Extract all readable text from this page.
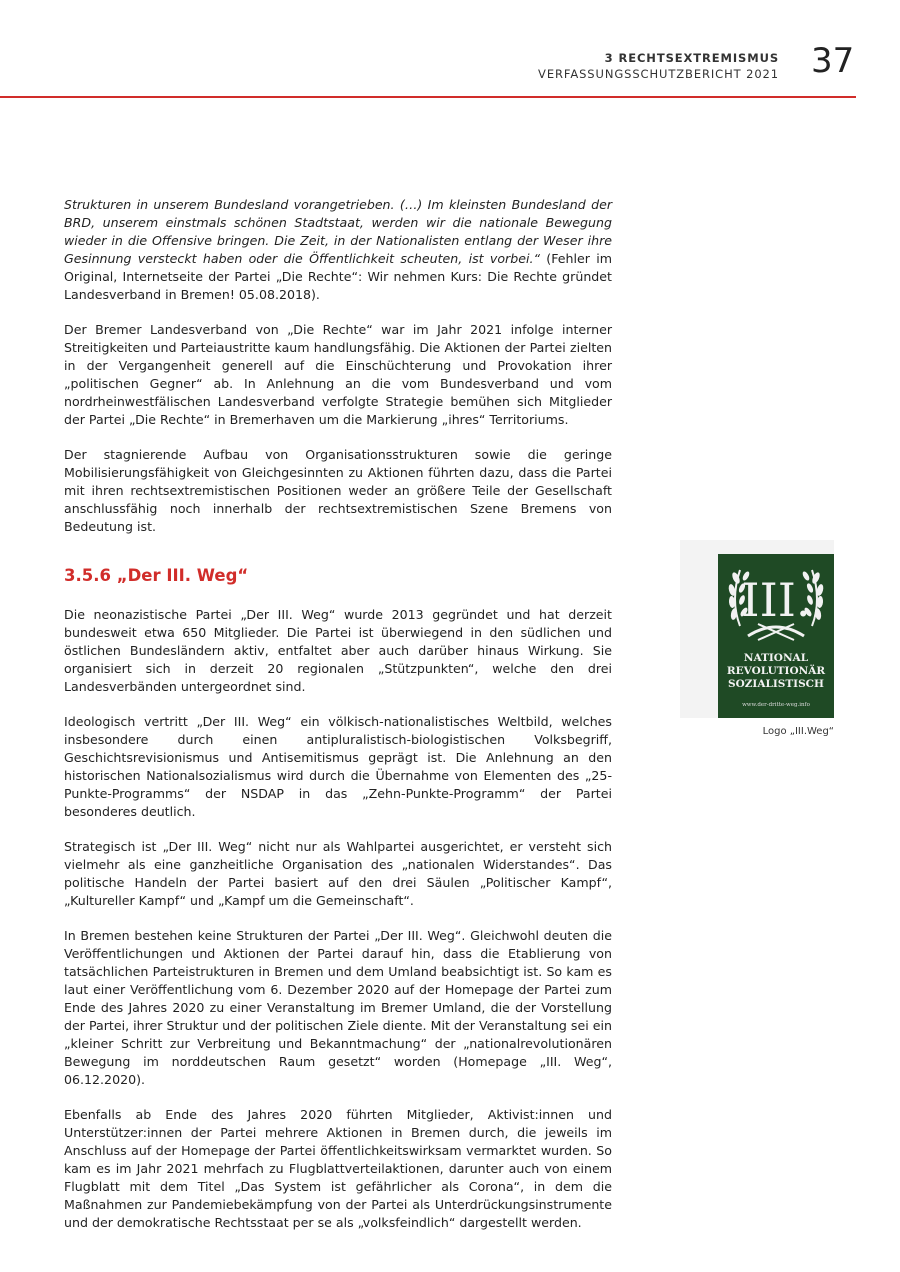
3 RECHTSEXTREMISMUS
VERFASSUNGSSCHUTZBERICHT 2021 37

Strukturen in unserem Bundesland vorangetrieben. (…) Im kleinsten Bundesland der BRD, unserem einstmals schönen Stadtstaat, werden wir die nationale Bewegung wieder in die Offensive bringen. Die Zeit, in der Nationalisten entlang der Weser ihre Gesinnung versteckt haben oder die Öffentlichkeit scheuten, ist vorbei.“ (Fehler im Original, Internetseite der Partei „Die Rechte“: Wir nehmen Kurs: Die Rechte gründet Landesverband in Bremen! 05.08.2018).

Der Bremer Landesverband von „Die Rechte“ war im Jahr 2021 infolge interner Streitigkeiten und Parteiaustritte kaum handlungsfähig. Die Aktionen der Partei zielten in der Vergangenheit generell auf die Einschüchterung und Provokation ihrer „politischen Gegner“ ab. In Anlehnung an die vom Bundesverband und vom nordrheinwestfälischen Landesverband verfolgte Strategie bemühen sich Mitglieder der Partei „Die Rechte“ in Bremerhaven um die Markierung „ihres“ Territoriums.

Der stagnierende Aufbau von Organisationsstrukturen sowie die geringe Mobilisierungsfähigkeit von Gleichgesinnten zu Aktionen führten dazu, dass die Partei mit ihren rechtsextremistischen Positionen weder an größere Teile der Gesellschaft anschlussfähig noch innerhalb der rechtsextremistischen Szene Bremens von Bedeutung ist.

3.5.6 „Der III. Weg“

Die neonazistische Partei „Der III. Weg“ wurde 2013 gegründet und hat derzeit bundesweit etwa 650 Mitglieder. Die Partei ist überwiegend in den südlichen und östlichen Bundesländern aktiv, entfaltet aber auch darüber hinaus Wirkung. Sie organisiert sich in derzeit 20 regionalen „Stützpunkten“, welche den drei Landesverbänden untergeordnet sind.

Ideologisch vertritt „Der III. Weg“ ein völkisch-nationalistisches Weltbild, welches insbesondere durch einen antipluralistisch-biologistischen Volksbegriff, Geschichtsrevisionismus und Antisemitismus geprägt ist. Die Anlehnung an den historischen Nationalsozialismus wird durch die Übernahme von Elementen des „25-Punkte-Programms“ der NSDAP in das „Zehn-Punkte-Programm“ der Partei besonderes deutlich.

Strategisch ist „Der III. Weg“ nicht nur als Wahlpartei ausgerichtet, er versteht sich vielmehr als eine ganzheitliche Organisation des „nationalen Widerstandes“. Das politische Handeln der Partei basiert auf den drei Säulen „Politischer Kampf“, „Kultureller Kampf“ und „Kampf um die Gemeinschaft“.

In Bremen bestehen keine Strukturen der Partei „Der III. Weg“. Gleichwohl deuten die Veröffentlichungen und Aktionen der Partei darauf hin, dass die Etablierung von tatsächlichen Parteistrukturen in Bremen und dem Umland beabsichtigt ist. So kam es laut einer Veröffentlichung vom 6. Dezember 2020 auf der Homepage der Partei zum Ende des Jahres 2020 zu einer Veranstaltung im Bremer Umland, die der Vorstellung der Partei, ihrer Struktur und der politischen Ziele diente. Mit der Veranstaltung sei ein „kleiner Schritt zur Verbreitung und Bekanntmachung“ der „nationalrevolutionären Bewegung im norddeutschen Raum gesetzt“ worden (Homepage „III. Weg“, 06.12.2020).

Ebenfalls ab Ende des Jahres 2020 führten Mitglieder, Aktivist:innen und Unterstützer:innen der Partei mehrere Aktionen in Bremen durch, die jeweils im Anschluss auf der Homepage der Partei öffentlichkeitswirksam vermarktet wurden. So kam es im Jahr 2021 mehrfach zu Flugblattverteilaktionen, darunter auch von einem Flugblatt mit dem Titel „Das System ist gefährlicher als Corona“, in dem die Maßnahmen zur Pandemiebekämpfung von der Partei als Unterdrückungsinstrumente und der demokratische Rechtsstaat per se als „volksfeindlich“ dargestellt werden.

III.
NATIONAL
REVOLUTIONÄR
SOZIALISTISCH
www.der-dritte-weg.info
Logo „III.Weg“
